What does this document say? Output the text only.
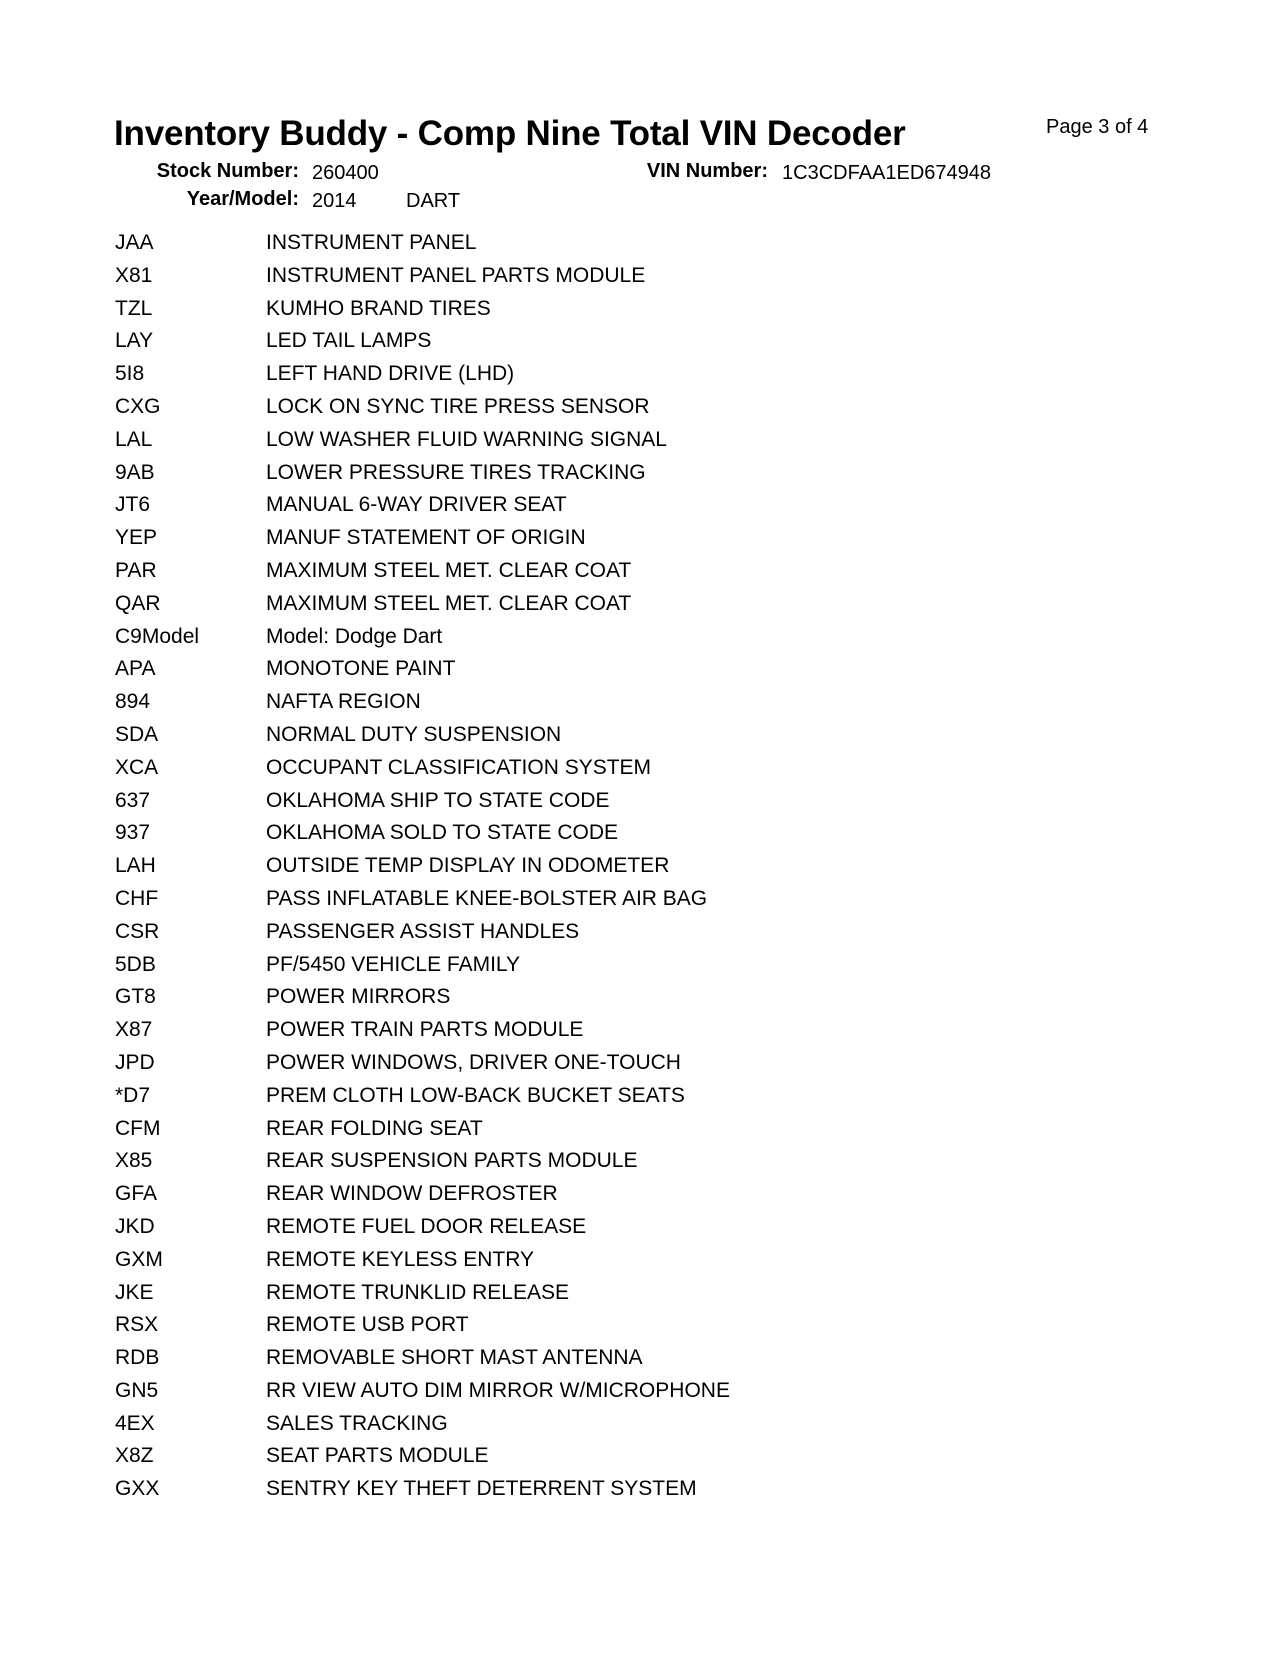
Inventory Buddy - Comp Nine Total VIN Decoder	Page 3 of 4
Stock Number: 260400
Year/Model: 2014 DART
VIN Number: 1C3CDFAA1ED674948
JAA	INSTRUMENT PANEL
X81	INSTRUMENT PANEL PARTS MODULE
TZL	KUMHO BRAND TIRES
LAY	LED TAIL LAMPS
5I8	LEFT HAND DRIVE (LHD)
CXG	LOCK ON SYNC TIRE PRESS SENSOR
LAL	LOW WASHER FLUID WARNING SIGNAL
9AB	LOWER PRESSURE TIRES TRACKING
JT6	MANUAL 6-WAY DRIVER SEAT
YEP	MANUF STATEMENT OF ORIGIN
PAR	MAXIMUM STEEL MET. CLEAR COAT
QAR	MAXIMUM STEEL MET. CLEAR COAT
C9Model	Model: Dodge Dart
APA	MONOTONE PAINT
894	NAFTA REGION
SDA	NORMAL DUTY SUSPENSION
XCA	OCCUPANT CLASSIFICATION SYSTEM
637	OKLAHOMA SHIP TO STATE CODE
937	OKLAHOMA SOLD TO STATE CODE
LAH	OUTSIDE TEMP DISPLAY IN ODOMETER
CHF	PASS INFLATABLE KNEE-BOLSTER AIR BAG
CSR	PASSENGER ASSIST HANDLES
5DB	PF/5450 VEHICLE FAMILY
GT8	POWER MIRRORS
X87	POWER TRAIN PARTS MODULE
JPD	POWER WINDOWS, DRIVER ONE-TOUCH
*D7	PREM CLOTH LOW-BACK BUCKET SEATS
CFM	REAR FOLDING SEAT
X85	REAR SUSPENSION PARTS MODULE
GFA	REAR WINDOW DEFROSTER
JKD	REMOTE FUEL DOOR RELEASE
GXM	REMOTE KEYLESS ENTRY
JKE	REMOTE TRUNKLID RELEASE
RSX	REMOTE USB PORT
RDB	REMOVABLE SHORT MAST ANTENNA
GN5	RR VIEW AUTO DIM MIRROR W/MICROPHONE
4EX	SALES TRACKING
X8Z	SEAT PARTS MODULE
GXX	SENTRY KEY THEFT DETERRENT SYSTEM
